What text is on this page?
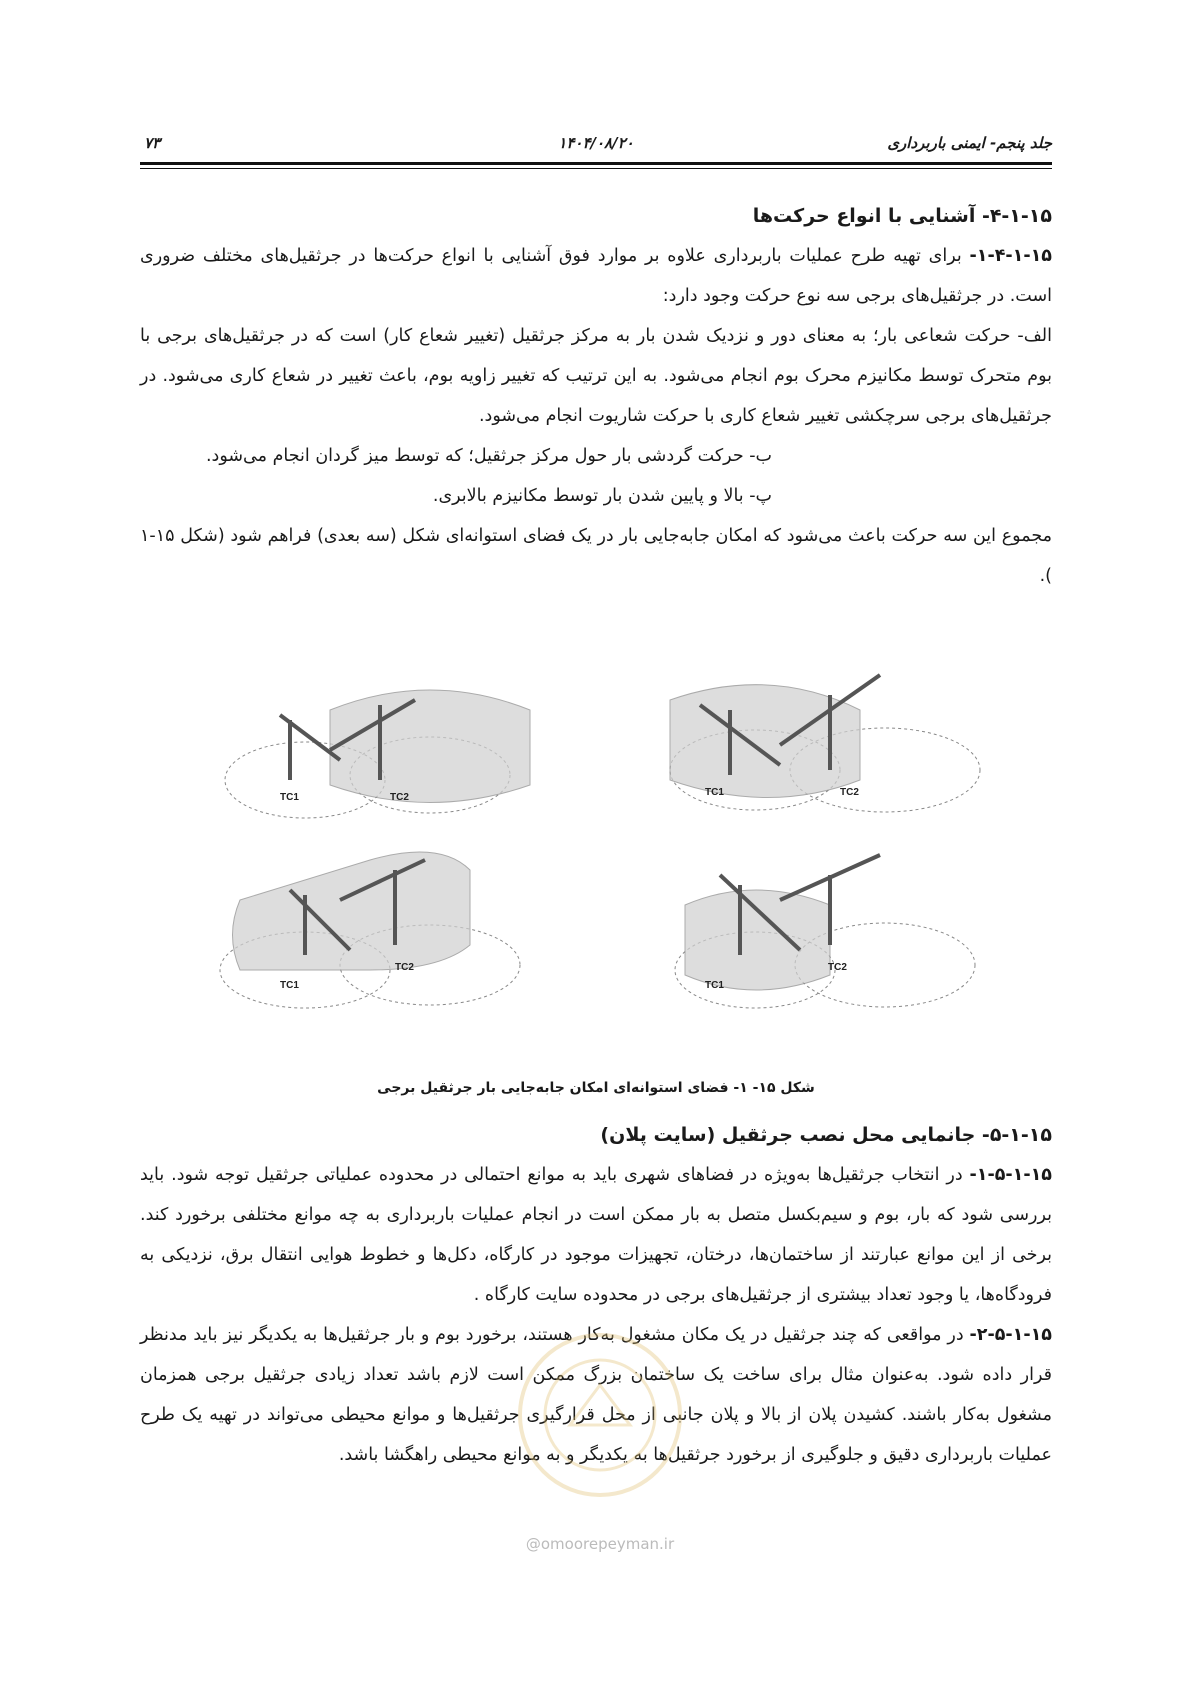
جلد پنجم- ایمنی باربرداری
۱۴۰۴/۰۸/۲۰
۷۳

۴-۱-۱۵- آشنایی با انواع حرکت‌ها

۱-۴-۱-۱۵- برای تهیه طرح عملیات باربرداری علاوه بر موارد فوق آشنایی با انواع حرکت‌ها در جرثقیل‌های مختلف ضروری است. در جرثقیل‌های برجی سه نوع حرکت وجود دارد:

الف- حرکت شعاعی بار؛ به معنای دور و نزدیک شدن بار به مرکز جرثقیل (تغییر شعاع کار) است که در جرثقیل‌های برجی با بوم متحرک توسط مکانیزم محرک بوم انجام می‌شود. به این ترتیب که تغییر زاویه بوم، باعث تغییر در شعاع کاری می‌شود. در جرثقیل‌های برجی سرچکشی تغییر شعاع کاری با حرکت شاریوت انجام می‌شود.

ب- حرکت گردشی بار حول مرکز جرثقیل؛ که توسط میز گردان انجام می‌شود.

پ- بالا و پایین شدن بار توسط مکانیزم بالابری.

مجموع این سه حرکت باعث می‌شود که امکان جابه‌جایی بار در یک فضای استوانه‌ای شکل (سه بعدی) فراهم شود (شکل ۱۵-۱ ).

TC1	TC2	TC1	TC2
TC1
TC2
TC1
TC2
شکل ۱۵- ۱- فضای استوانه‌ای امکان جابه‌جایی بار جرثقیل برجی

۵-۱-۱۵- جانمایی محل نصب جرثقیل (سایت پلان)

۱-۵-۱-۱۵- در انتخاب جرثقیل‌ها به‌ویژه در فضاهای شهری باید به موانع احتمالی در محدوده عملیاتی جرثقیل توجه شود. باید بررسی شود که بار، بوم و سیم‌بکسل متصل به بار ممکن است در انجام عملیات باربرداری به چه موانع مختلفی برخورد کند. برخی از این موانع عبارتند از ساختمان‌ها، درختان، تجهیزات موجود در کارگاه، دکل‌ها و خطوط هوایی انتقال برق، نزدیکی به فرودگاه‌ها، یا وجود تعداد بیشتری از جرثقیل‌های برجی در محدوده سایت کارگاه .

۲-۵-۱-۱۵- در مواقعی که چند جرثقیل در یک مکان مشغول به‌کار هستند، برخورد بوم و بار جرثقیل‌ها به یکدیگر نیز باید مدنظر قرار داده شود. به‌عنوان مثال برای ساخت یک ساختمان بزرگ ممکن است لازم باشد تعداد زیادی جرثقیل برجی همزمان مشغول به‌کار باشند. کشیدن پلان از بالا و پلان جانبی از محل قرارگیری جرثقیل‌ها و موانع محیطی می‌تواند در تهیه یک طرح عملیات باربرداری دقیق و جلوگیری از برخورد جرثقیل‌ها به یکدیگر و به موانع محیطی راهگشا باشد.

@omoorepeyman.ir
